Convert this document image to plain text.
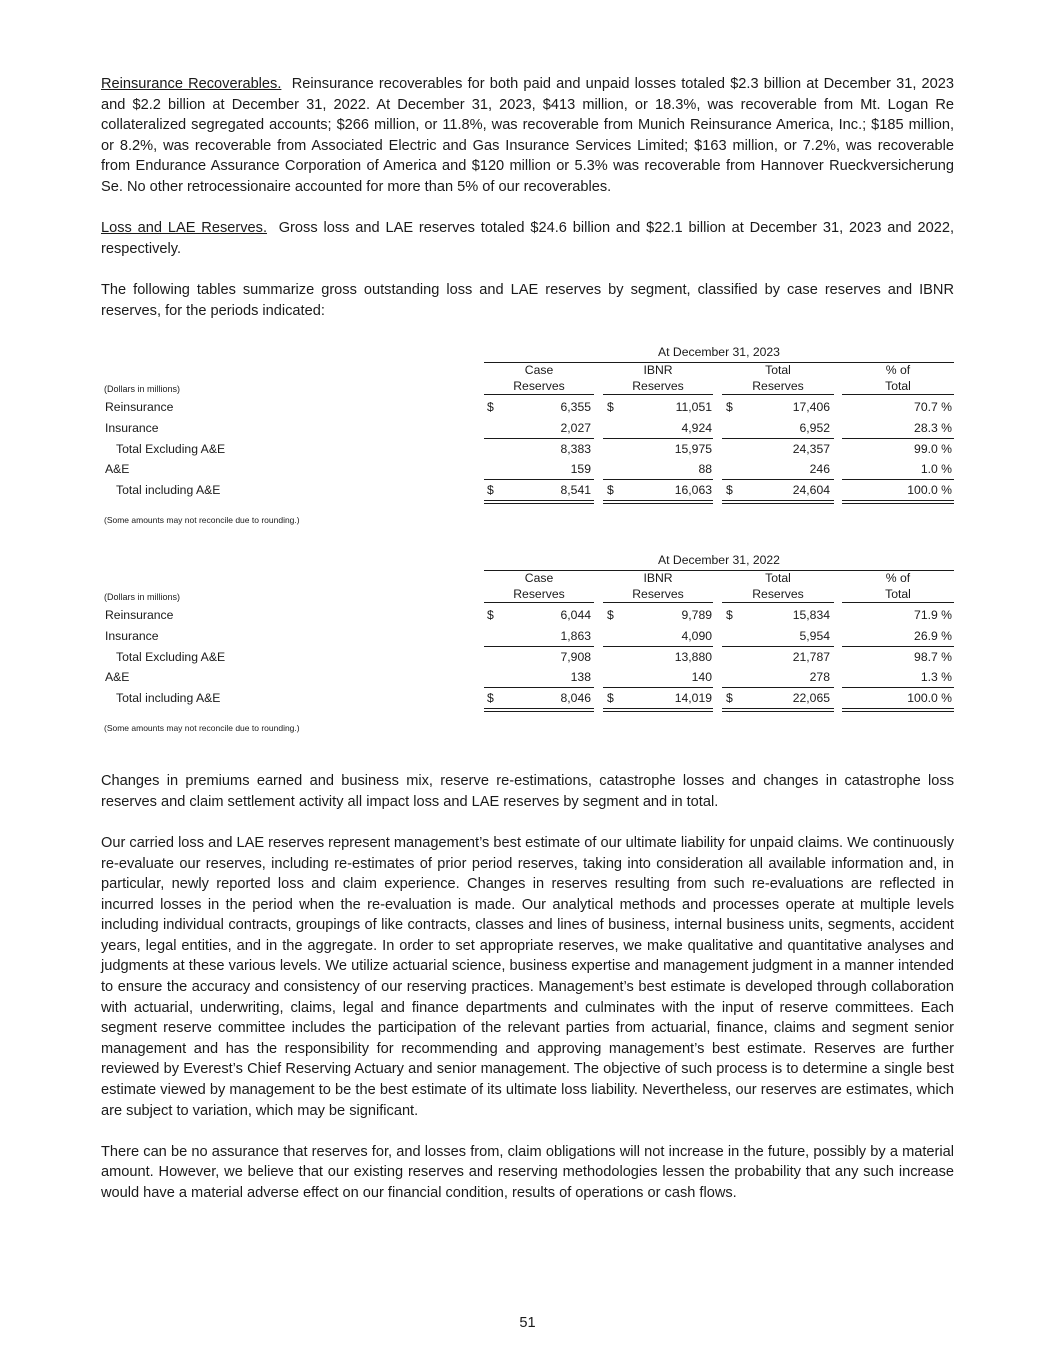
Reinsurance Recoverables. Reinsurance recoverables for both paid and unpaid losses totaled $2.3 billion at December 31, 2023 and $2.2 billion at December 31, 2022. At December 31, 2023, $413 million, or 18.3%, was recoverable from Mt. Logan Re collateralized segregated accounts; $266 million, or 11.8%, was recoverable from Munich Reinsurance America, Inc.; $185 million, or 8.2%, was recoverable from Associated Electric and Gas Insurance Services Limited; $163 million, or 7.2%, was recoverable from Endurance Assurance Corporation of America and $120 million or 5.3% was recoverable from Hannover Rueckversicherung Se. No other retrocessionaire accounted for more than 5% of our recoverables.

Loss and LAE Reserves. Gross loss and LAE reserves totaled $24.6 billion and $22.1 billion at December 31, 2023 and 2022, respectively.

The following tables summarize gross outstanding loss and LAE reserves by segment, classified by case reserves and IBNR reserves, for the periods indicated:

At December 31, 2023
Case
Reserves
IBNR
Reserves
Total
Reserves
% of
Total
(Dollars in millions)
Reinsurance	$	6,355 $	11,051 $	17,406	70.7 %
Insurance	2,027	4,924	6,952	28.3 %
Total Excluding A&E	8,383	15,975	24,357	99.0 %
A&E	159	88	246	1.0 %
Total including A&E	$	8,541 $	16,063 $	24,604	100.0 %
(Some amounts may not reconcile due to rounding.)
At December 31, 2022
Case
Reserves
IBNR
Reserves
Total
Reserves
% of
Total
(Dollars in millions)
Reinsurance	$	6,044 $	9,789 $	15,834	71.9 %
Insurance	1,863	4,090	5,954	26.9 %
Total Excluding A&E	7,908	13,880	21,787	98.7 %
A&E	138	140	278	1.3 %
Total including A&E	$	8,046 $	14,019 $	22,065	100.0 %
(Some amounts may not reconcile due to rounding.)

Changes in premiums earned and business mix, reserve re-estimations, catastrophe losses and changes in catastrophe loss reserves and claim settlement activity all impact loss and LAE reserves by segment and in total.

Our carried loss and LAE reserves represent management’s best estimate of our ultimate liability for unpaid claims. We continuously re-evaluate our reserves, including re-estimates of prior period reserves, taking into consideration all available information and, in particular, newly reported loss and claim experience. Changes in reserves resulting from such re-evaluations are reflected in incurred losses in the period when the re-evaluation is made. Our analytical methods and processes operate at multiple levels including individual contracts, groupings of like contracts, classes and lines of business, internal business units, segments, accident years, legal entities, and in the aggregate. In order to set appropriate reserves, we make qualitative and quantitative analyses and judgments at these various levels. We utilize actuarial science, business expertise and management judgment in a manner intended to ensure the accuracy and consistency of our reserving practices. Management’s best estimate is developed through collaboration with actuarial, underwriting, claims, legal and finance departments and culminates with the input of reserve committees. Each segment reserve committee includes the participation of the relevant parties from actuarial, finance, claims and segment senior management and has the responsibility for recommending and approving management’s best estimate. Reserves are further reviewed by Everest’s Chief Reserving Actuary and senior management. The objective of such process is to determine a single best estimate viewed by management to be the best estimate of its ultimate loss liability. Nevertheless, our reserves are estimates, which are subject to variation, which may be significant.

There can be no assurance that reserves for, and losses from, claim obligations will not increase in the future, possibly by a material amount. However, we believe that our existing reserves and reserving methodologies lessen the probability that any such increase would have a material adverse effect on our financial condition, results of operations or cash flows.

51
